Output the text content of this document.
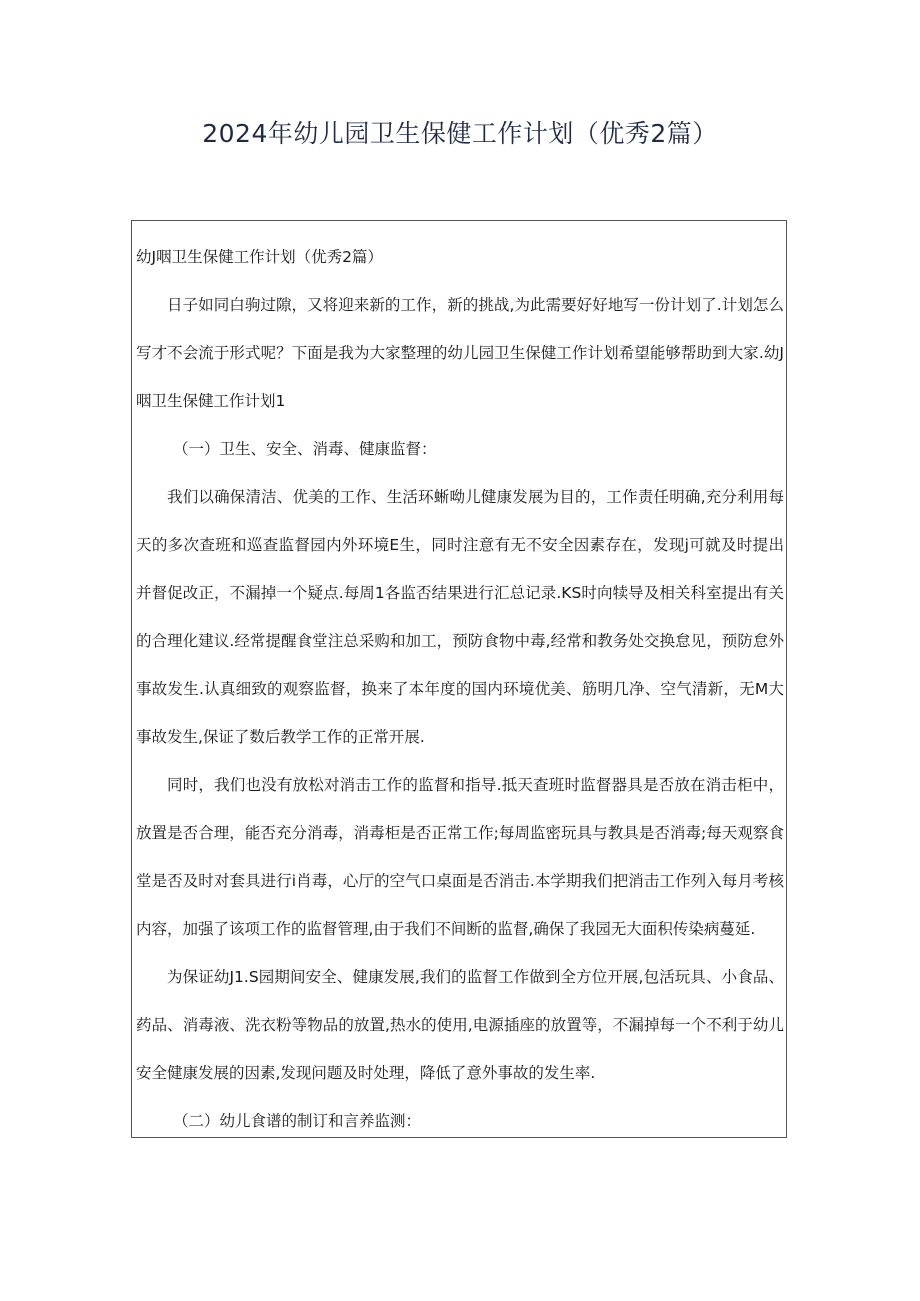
2024年幼儿园卫生保健工作计划（优秀2篇）

幼J咽卫生保健工作计划（优秀2篇）

日子如同白驹过隙，又将迎来新的工作，新的挑战,为此需要好好地写一份计划了.计划怎么写才不会流于形式呢？下面是我为大家整理的幼儿园卫生保健工作计划希望能够帮助到大家.幼J咽卫生保健工作计划1

（一）卫生、安全、消毒、健康监督：

我们以确保清洁、优美的工作、生活环蜥呦儿健康发展为目的，工作责任明确,充分利用每天的多次查班和巡查监督园内外环境E生，同时注意有无不安全因素存在，发现j可就及时提出并督促改正，不漏掉一个疑点.每周1各监否结果进行汇总记录.KS时向犊导及相关科室提出有关的合理化建议.经常提醒食堂注总采购和加工，预防食物中毒,经常和教务处交换怠见，预防怠外事故发生.认真细致的观察监督，换来了本年度的国内环境优美、筋明几净、空气清新，无M大事故发生,保证了数后教学工作的正常开展.

同时，我们也没有放松对消击工作的监督和指导.抵天查班时监督器具是否放在消击柜中，放置是否合理，能否充分消毒，消毒柜是否正常工作;每周监密玩具与教具是否消毒;每天观察食堂是否及时对套具进行i肖毒，心厅的空气口桌面是否消击.本学期我们把消击工作列入每月考核内容，加强了该项工作的监督管理,由于我们不间断的监督,确保了我园无大面积传染病蔓延.

为保证幼J1.S园期间安全、健康发展,我们的监督工作做到全方位开展,包活玩具、小食品、药品、消毒液、洗衣粉等物品的放置,热水的使用,电源插座的放置等，不漏掉每一个不利于幼儿安全健康发展的因素,发现问题及时处理，降低了意外事故的发生率.

（二）幼儿食谱的制订和言养监测：
